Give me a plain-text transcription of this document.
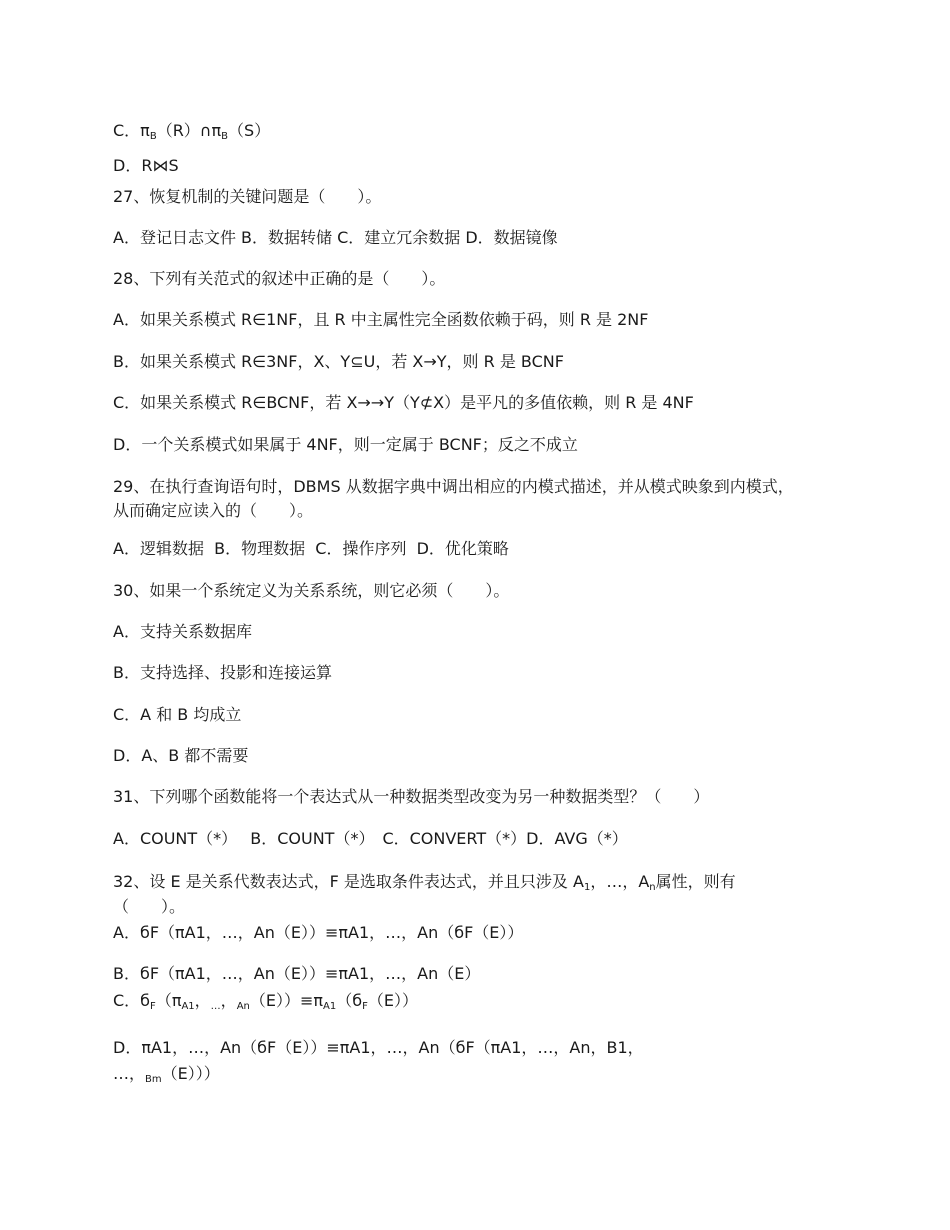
C．$\pi_B(R)\cap\pi_B(S)$
D．R⋈S
27、恢复机制的关键问题是（　　）。
A．登记日志文件 B．数据转储 C．建立冗余数据 D．数据镜像
28、下列有关范式的叙述中正确的是（　　）。
A．如果关系模式 R∈1NF，且 R 中主属性完全函数依赖于码，则 R 是 2NF
B．如果关系模式 R∈3NF，X、Y⊆U，若 X→Y，则 R 是 BCNF
C．如果关系模式 R∈BCNF，若 X→→Y（Y⊄X）是平凡的多值依赖，则 R 是 4NF
D．一个关系模式如果属于 4NF，则一定属于 BCNF；反之不成立
29、在执行查询语句时，DBMS 从数据字典中调出相应的内模式描述，并从模式映象到内模式，
从而确定应读入的（　　）。
A．逻辑数据  B．物理数据  C．操作序列  D．优化策略
30、如果一个系统定义为关系系统，则它必须（　　）。
A．支持关系数据库
B．支持选择、投影和连接运算
C．A 和 B 均成立
D．A、B 都不需要
31、下列哪个函数能将一个表达式从一种数据类型改变为另一种数据类型？（　　）
A．COUNT（*）　 B．COUNT（*）　C．CONVERT（*）D．AVG（*）
32、设 E 是关系代数表达式，F 是选取条件表达式，并且只涉及 $A_1$，…，$A_n$属性，则有
（　　）。
A．бF（πA1，…，An（E））≡πA1，…，An（бF（E））
B．бF（πA1，…，An（E））≡πA1，…，An（E）
C．$б_F(\pi_{A1}$，$_\dots$，$_{An}(E))\equiv\pi_{A1}(б_F(E))$
D．πA1，…，An（бF（E））≡πA1，…，An（бF（πA1，…，An，B1，
…，$_{Bm}$（E）））
